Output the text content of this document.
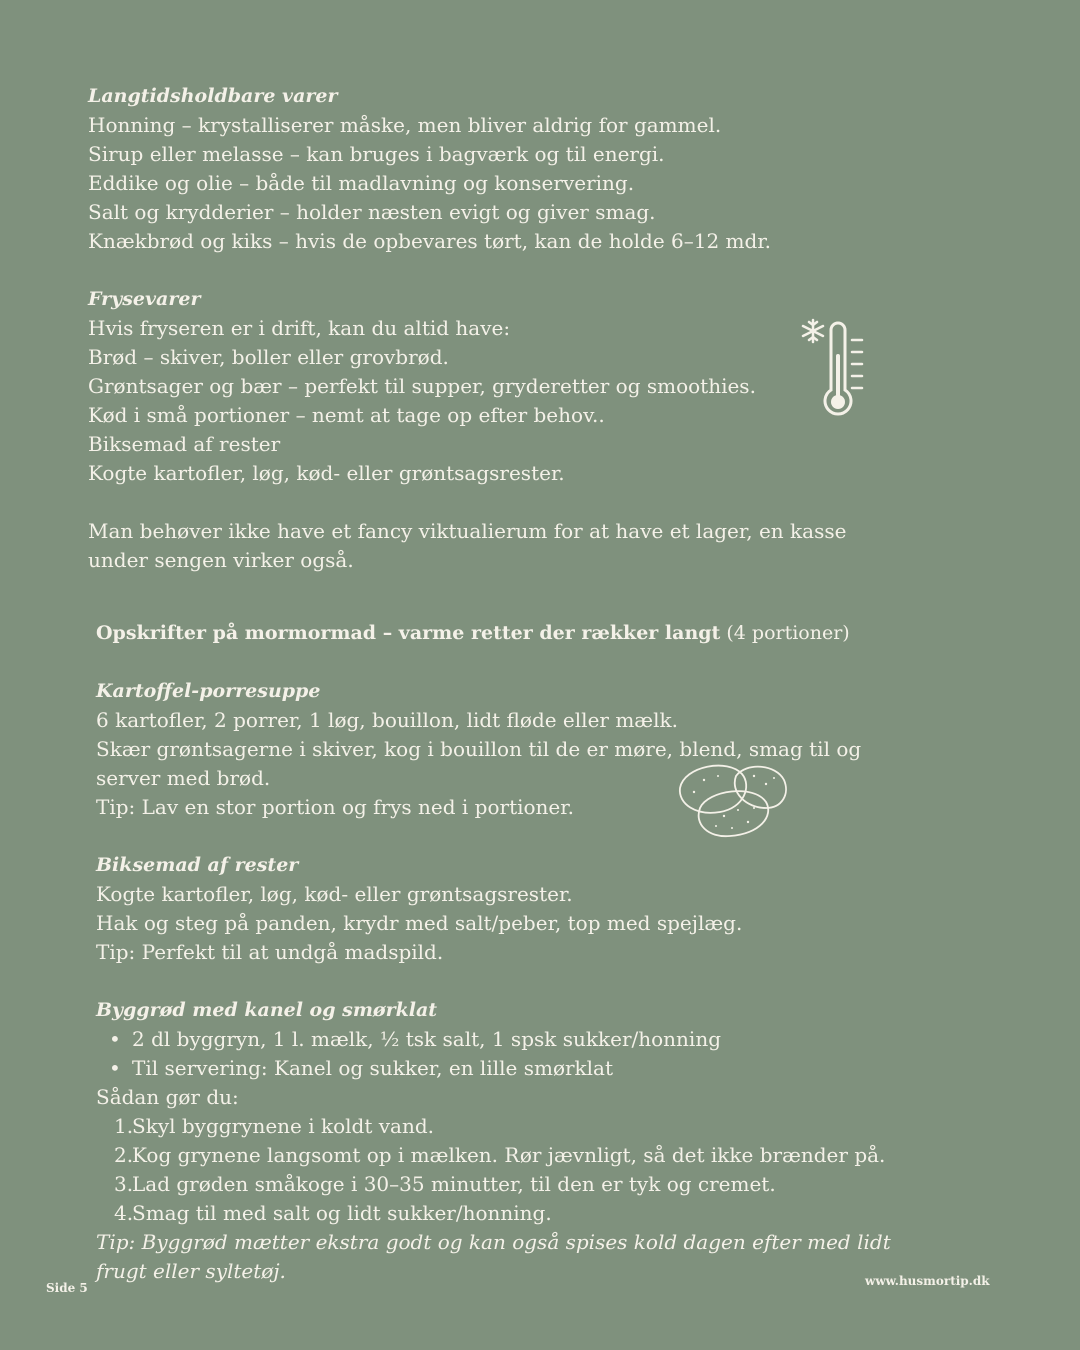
Langtidsholdbare varer
Honning – krystalliserer måske, men bliver aldrig for gammel.
Sirup eller melasse – kan bruges i bagværk og til energi.
Eddike og olie – både til madlavning og konservering.
Salt og krydderier – holder næsten evigt og giver smag.
Knækbrød og kiks – hvis de opbevares tørt, kan de holde 6–12 mdr.
Frysevarer
Hvis fryseren er i drift, kan du altid have:
Brød – skiver, boller eller grovbrød.
Grøntsager og bær – perfekt til supper, gryderetter og smoothies.
Kød i små portioner – nemt at tage op efter behov..
Biksemad af rester
Kogte kartofler, løg, kød- eller grøntsagsrester.
Man behøver ikke have et fancy viktualierum for at have et lager, en kasse under sengen virker også.
Opskrifter på mormormad – varme retter der rækker langt (4 portioner)
Kartoffel-porresuppe
6 kartofler, 2 porrer, 1 løg, bouillon, lidt fløde eller mælk.
Skær grøntsagerne i skiver, kog i bouillon til de er møre, blend, smag til og server med brød.
Tip: Lav en stor portion og frys ned i portioner.
Biksemad af rester
Kogte kartofler, løg, kød- eller grøntsagsrester.
Hak og steg på panden, krydr med salt/peber, top med spejlæg.
Tip: Perfekt til at undgå madspild.
Byggrød med kanel og smørklat
• 2 dl byggryn, 1 l. mælk, ½ tsk salt, 1 spsk sukker/honning
• Til servering: Kanel og sukker, en lille smørklat
Sådan gør du:
1.
Skyl byggrynene i koldt vand.
2.
Kog grynene langsomt op i mælken. Rør jævnligt, så det ikke brænder på.
3.
Lad grøden småkoge i 30–35 minutter, til den er tyk og cremet.
4.
Smag til med salt og lidt sukker/honning.
Tip: Byggrød mætter ekstra godt og kan også spises kold dagen efter med lidt frugt eller syltetøj.
Side 5	www.husmortip.dk
